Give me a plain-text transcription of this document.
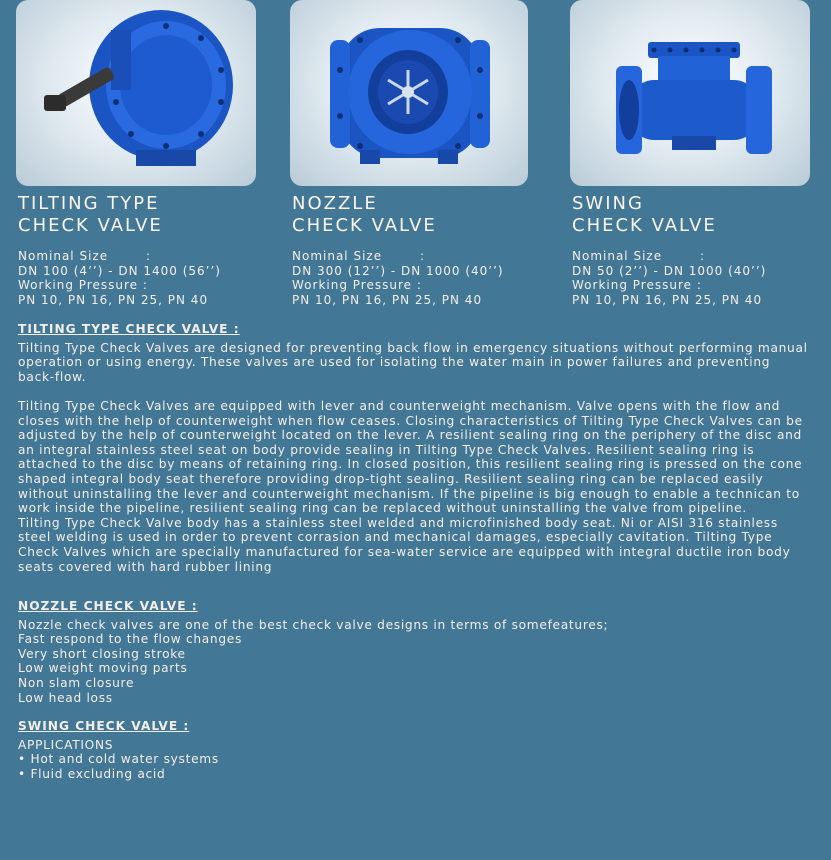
TILTING TYPE
CHECK VALVE
Nominal Size	:
DN 100 (4’’) - DN 1400 (56’’)
Working Pressure :
PN 10, PN 16, PN 25, PN 40
NOZZLE
CHECK VALVE
Nominal Size	:
DN 300 (12’’) - DN 1000 (40’’)
Working Pressure :
PN 10, PN 16, PN 25, PN 40
SWING
CHECK VALVE
Nominal Size	:
DN 50 (2’’) - DN 1000 (40’’)
Working Pressure :
PN 10, PN 16, PN 25, PN 40
TILTING TYPE CHECK VALVE :

Tilting Type Check Valves are designed for preventing back flow in emergency situations without performing manual operation or using energy. These valves are used for isolating the water main in power failures and preventing back-flow.

Tilting Type Check Valves are equipped with lever and counterweight mechanism. Valve opens with the flow and closes with the help of counterweight when flow ceases. Closing characteristics of Tilting Type Check Valves can be adjusted by the help of counterweight located on the lever. A resilient sealing ring on the periphery of the disc and an integral stainless steel seat on body provide sealing in Tilting Type Check Valves. Resilient sealing ring is attached to the disc by means of retaining ring. In closed position, this resilient sealing ring is pressed on the cone shaped integral body seat therefore providing drop-tight sealing. Resilient sealing ring can be replaced easily without uninstalling the lever and counterweight mechanism. If the pipeline is big enough to enable a technican to work inside the pipeline, resilient sealing ring can be replaced without uninstalling the valve from pipeline.

Tilting Type Check Valve body has a stainless steel welded and microfinished body seat. Ni or AISI 316 stainless steel welding is used in order to prevent corrasion and mechanical damages, especially cavitation. Tilting Type Check Valves which are specially manufactured for sea-water service are equipped with integral ductile iron body seats covered with hard rubber lining

NOZZLE CHECK VALVE :
Nozzle check valves are one of the best check valve designs in terms of somefeatures;
Fast respond to the flow changes
Very short closing stroke
Low weight moving parts
Non slam closure
Low head loss
SWING CHECK VALVE :
APPLICATIONS
• Hot and cold water systems
• Fluid excluding acid
